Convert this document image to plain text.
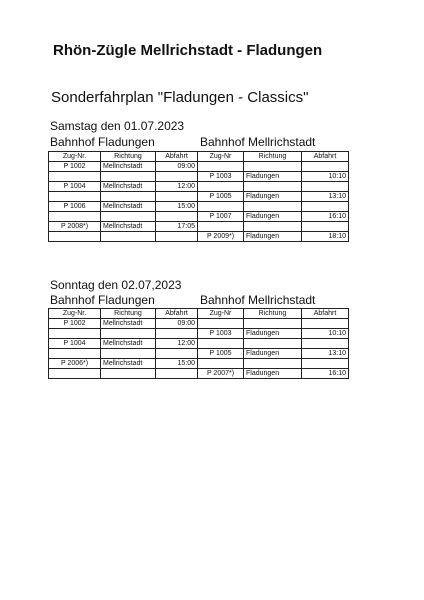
Rhön-Zügle Mellrichstadt - Fladungen
Sonderfahrplan "Fladungen - Classics"
Samstag den 01.07.2023
Bahnhof Fladungen	Bahnhof Mellrichstadt
Zug-Nr.	Richtung	Abfahrt	Zug-Nr	Richtung	Abfahrt
P 1002	Mellrichstadt	09:00			
			P 1003	Fladungen	10:10
P 1004	Mellrichstadt	12:00			
			P 1005	Fladungen	13:10
P 1006	Mellrichstadt	15:00			
			P 1007	Fladungen	16:10
P 2008*)	Mellrichstadt	17:05			
			P 2009*)	Fladungen	18:10
Sonntag den 02.07,2023
Bahnhof Fladungen	Bahnhof Mellrichstadt
Zug-Nr.	Richtung	Abfahrt	Zug-Nr	Richtung	Abfahrt
P 1002	Mellrichstadt	09:00			
			P 1003	Fladungen	10:10
P 1004	Mellrichstadt	12:00			
			P 1005	Fladungen	13:10
P 2006*)	Mellrichstadt	15:00			
			P 2007*)	Fladungen	16:10
